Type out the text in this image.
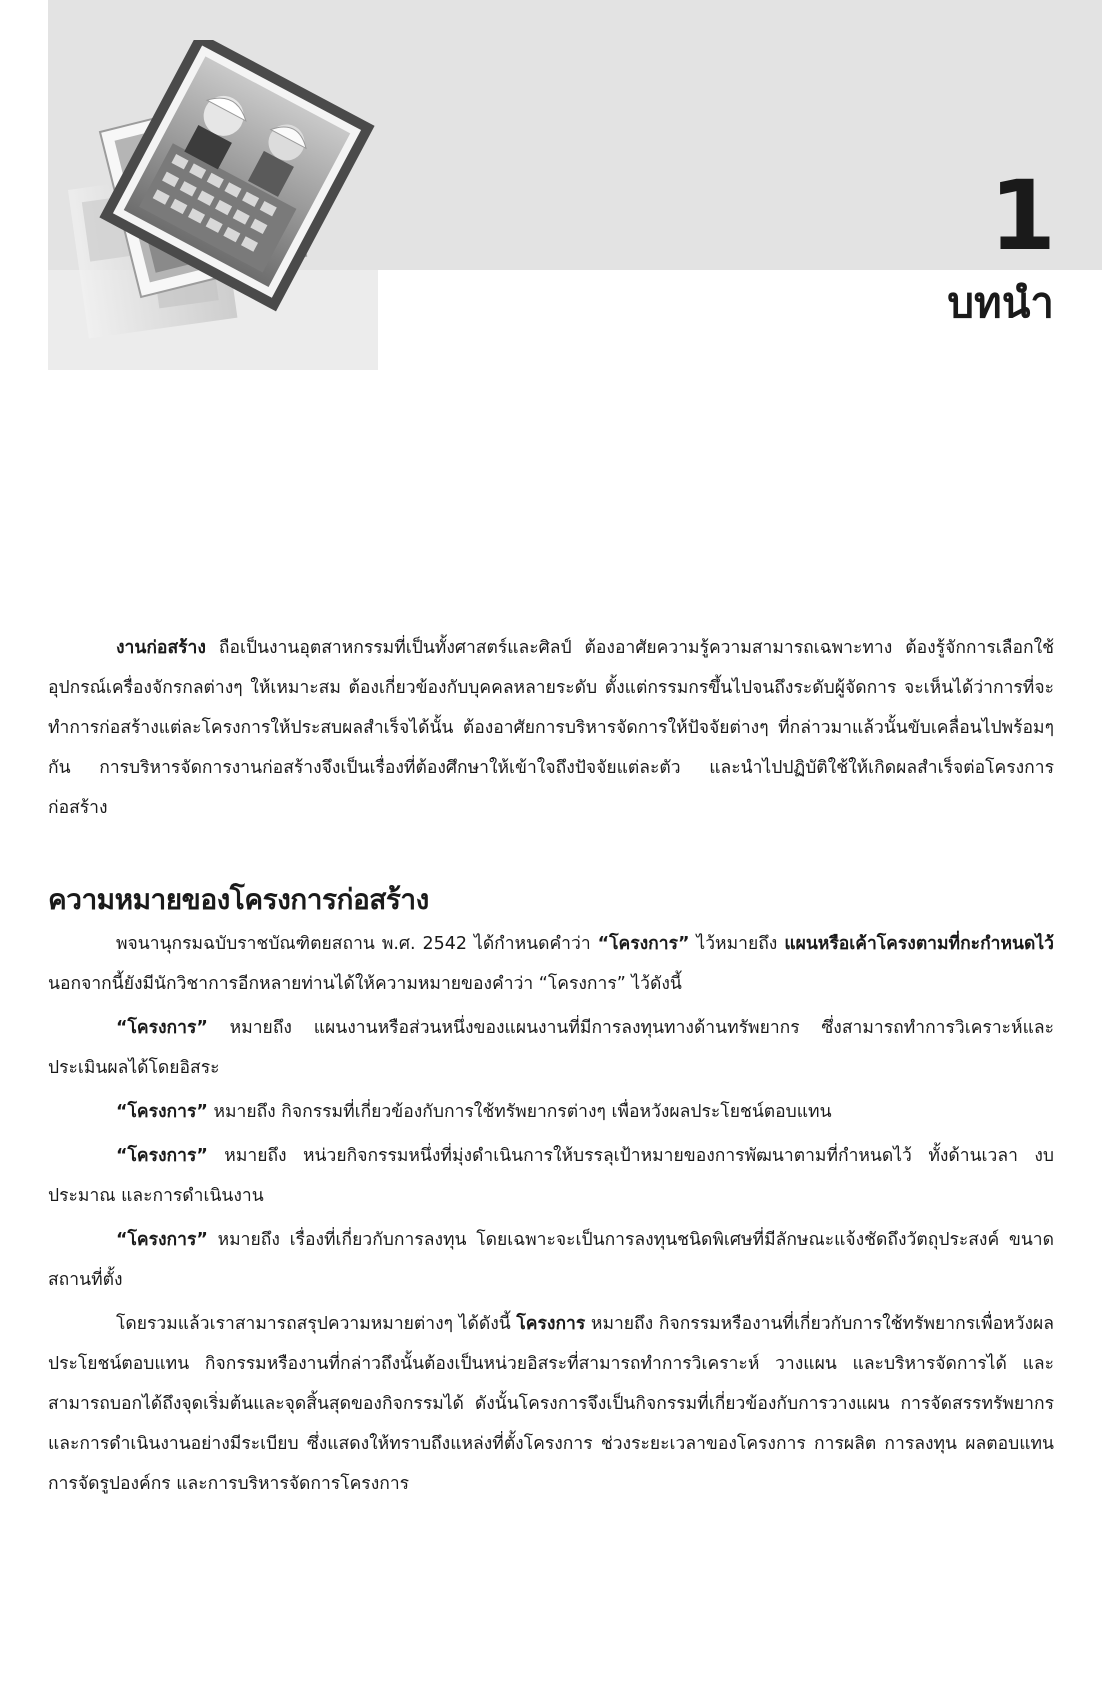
1
บทนำ

งานก่อสร้าง ถือเป็นงานอุตสาหกรรมที่เป็นทั้งศาสตร์และศิลป์ ต้องอาศัยความรู้ความสามารถเฉพาะทาง ต้องรู้จักการเลือกใช้อุปกรณ์เครื่องจักรกลต่างๆ ให้เหมาะสม ต้องเกี่ยวข้องกับบุคคลหลายระดับ ตั้งแต่กรรมกรขึ้นไปจนถึงระดับผู้จัดการ จะเห็นได้ว่าการที่จะทำการก่อสร้างแต่ละโครงการให้ประสบผลสำเร็จได้นั้น ต้องอาศัยการบริหารจัดการให้ปัจจัยต่างๆ ที่กล่าวมาแล้วนั้นขับเคลื่อนไปพร้อมๆ กัน การบริหารจัดการงานก่อสร้างจึงเป็นเรื่องที่ต้องศึกษาให้เข้าใจถึงปัจจัยแต่ละตัว และนำไปปฏิบัติใช้ให้เกิดผลสำเร็จต่อโครงการก่อสร้าง

ความหมายของโครงการก่อสร้าง

พจนานุกรมฉบับราชบัณฑิตยสถาน พ.ศ. 2542 ได้กำหนดคำว่า “โครงการ” ไว้หมายถึง แผนหรือเค้าโครงตามที่กะกำหนดไว้ นอกจากนี้ยังมีนักวิชาการอีกหลายท่านได้ให้ความหมายของคำว่า “โครงการ” ไว้ดังนี้

“โครงการ” หมายถึง แผนงานหรือส่วนหนึ่งของแผนงานที่มีการลงทุนทางด้านทรัพยากร ซึ่งสามารถทำการวิเคราะห์และประเมินผลได้โดยอิสระ

“โครงการ” หมายถึง กิจกรรมที่เกี่ยวข้องกับการใช้ทรัพยากรต่างๆ เพื่อหวังผลประโยชน์ตอบแทน

“โครงการ” หมายถึง หน่วยกิจกรรมหนึ่งที่มุ่งดำเนินการให้บรรลุเป้าหมายของการพัฒนาตามที่กำหนดไว้ ทั้งด้านเวลา งบประมาณ และการดำเนินงาน

“โครงการ” หมายถึง เรื่องที่เกี่ยวกับการลงทุน โดยเฉพาะจะเป็นการลงทุนชนิดพิเศษที่มีลักษณะแจ้งชัดถึงวัตถุประสงค์ ขนาด สถานที่ตั้ง

โดยรวมแล้วเราสามารถสรุปความหมายต่างๆ ได้ดังนี้ โครงการ หมายถึง กิจกรรมหรืองานที่เกี่ยวกับการใช้ทรัพยากรเพื่อหวังผลประโยชน์ตอบแทน กิจกรรมหรืองานที่กล่าวถึงนั้นต้องเป็นหน่วยอิสระที่สามารถทำการวิเคราะห์ วางแผน และบริหารจัดการได้ และสามารถบอกได้ถึงจุดเริ่มต้นและจุดสิ้นสุดของกิจกรรมได้ ดังนั้นโครงการจึงเป็นกิจกรรมที่เกี่ยวข้องกับการวางแผน การจัดสรรทรัพยากร และการดำเนินงานอย่างมีระเบียบ ซึ่งแสดงให้ทราบถึงแหล่งที่ตั้งโครงการ ช่วงระยะเวลาของโครงการ การผลิต การลงทุน ผลตอบแทน การจัดรูปองค์กร และการบริหารจัดการโครงการ
